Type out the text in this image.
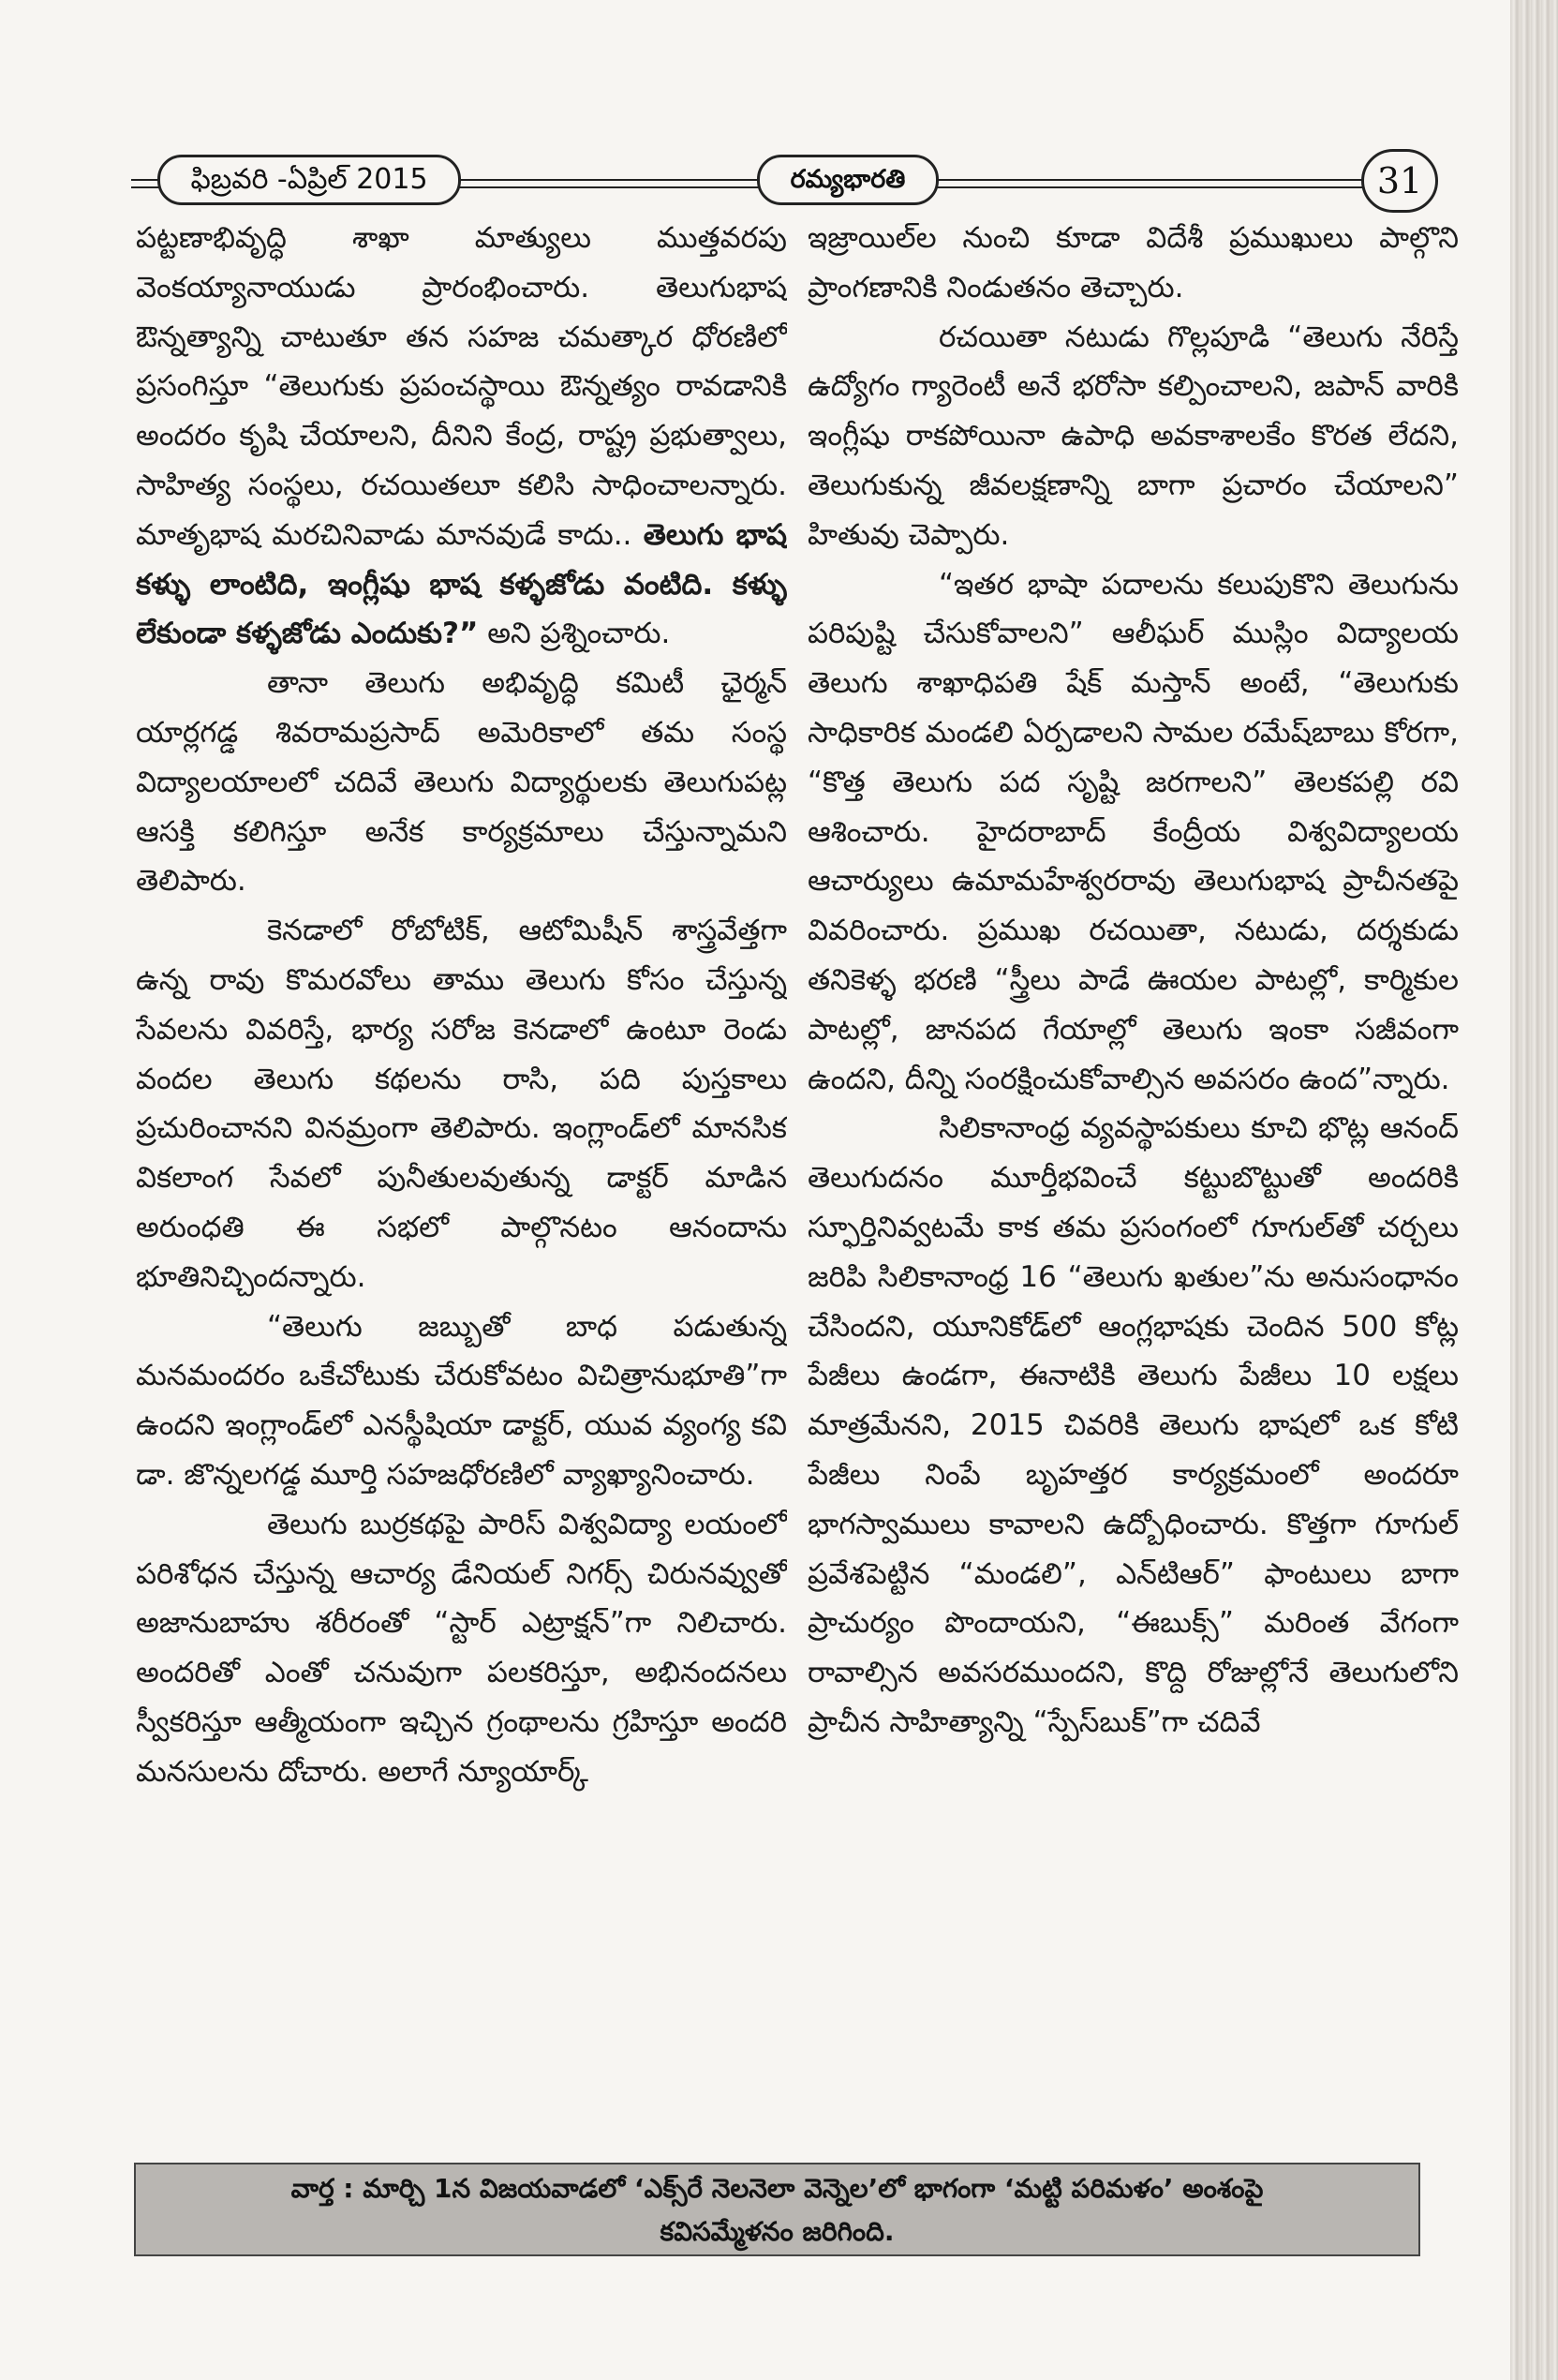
ఫిబ్రవరి -ఏప్రిల్ 2015	రమ్యభారతి	31

పట్టణాభివృద్ధి శాఖా మాత్యులు ముత్తవరపు వెంకయ్యానాయుడు ప్రారంభించారు. తెలుగుభాష ఔన్నత్యాన్ని చాటుతూ తన సహజ చమత్కార ధోరణిలో ప్రసంగిస్తూ “తెలుగుకు ప్రపంచస్థాయి ఔన్నత్యం రావడానికి అందరం కృషి చేయాలని, దీనిని కేంద్ర, రాష్ట్ర ప్రభుత్వాలు, సాహిత్య సంస్థలు, రచయితలూ కలిసి సాధించాలన్నారు. మాతృభాష మరచినివాడు మానవుడే కాదు.. తెలుగు భాష కళ్ళు లాంటిది, ఇంగ్లీషు భాష కళ్ళజోడు వంటిది. కళ్ళు లేకుండా కళ్ళజోడు ఎందుకు?” అని ప్రశ్నించారు.

తానా తెలుగు అభివృద్ధి కమిటీ ఛైర్మన్ యార్లగడ్డ శివరామప్రసాద్ అమెరికాలో తమ సంస్థ విద్యాలయాలలో చదివే తెలుగు విద్యార్థులకు తెలుగుపట్ల ఆసక్తి కలిగిస్తూ అనేక కార్యక్రమాలు చేస్తున్నామని తెలిపారు.

కెనడాలో రోబోటిక్, ఆటోమిషీన్ శాస్త్రవేత్తగా ఉన్న రావు కొమరవోలు తాము తెలుగు కోసం చేస్తున్న సేవలను వివరిస్తే, భార్య సరోజ కెనడాలో ఉంటూ రెండు వందల తెలుగు కథలను రాసి, పది పుస్తకాలు ప్రచురించానని వినమ్రంగా తెలిపారు. ఇంగ్లాండ్‌లో మానసిక వికలాంగ సేవలో పునీతులవుతున్న డాక్టర్ మాడిన అరుంధతి ఈ సభలో పాల్గొనటం ఆనందాను భూతినిచ్చిందన్నారు.

“తెలుగు జబ్బుతో బాధ పడుతున్న మనమందరం ఒకేచోటుకు చేరుకోవటం విచిత్రానుభూతి”గా ఉందని ఇంగ్లాండ్‌లో ఎనస్థీషియా డాక్టర్, యువ వ్యంగ్య కవి డా. జొన్నలగడ్డ మూర్తి సహజధోరణిలో వ్యాఖ్యానించారు.

తెలుగు బుర్రకథపై పారిస్ విశ్వవిద్యా లయంలో పరిశోధన చేస్తున్న ఆచార్య డేనియల్ నిగర్స్ చిరునవ్వుతో అజానుబాహు శరీరంతో “స్టార్ ఎట్రాక్షన్”గా నిలిచారు. అందరితో ఎంతో చనువుగా పలకరిస్తూ, అభినందనలు స్వీకరిస్తూ ఆత్మీయంగా ఇచ్చిన గ్రంథాలను గ్రహిస్తూ అందరి మనసులను దోచారు. అలాగే న్యూయార్క్

ఇజ్రాయిల్‌ల నుంచి కూడా విదేశీ ప్రముఖులు పాల్గొని ప్రాంగణానికి నిండుతనం తెచ్చారు.

రచయితా నటుడు గొల్లపూడి “తెలుగు నేరిస్తే ఉద్యోగం గ్యారెంటీ అనే భరోసా కల్పించాలని, జపాన్ వారికి ఇంగ్లీషు రాకపోయినా ఉపాధి అవకాశాలకేం కొరత లేదని, తెలుగుకున్న జీవలక్షణాన్ని బాగా ప్రచారం చేయాలని” హితువు చెప్పారు.

“ఇతర భాషా పదాలను కలుపుకొని తెలుగును పరిపుష్టి చేసుకోవాలని” ఆలీఘర్ ముస్లిం విద్యాలయ తెలుగు శాఖాధిపతి షేక్ మస్తాన్ అంటే, “తెలుగుకు సాధికారిక మండలి ఏర్పడాలని సామల రమేష్‌బాబు కోరగా, “కొత్త తెలుగు పద సృష్టి జరగాలని” తెలకపల్లి రవి ఆశించారు. హైదరాబాద్ కేంద్రీయ విశ్వవిద్యాలయ ఆచార్యులు ఉమామహేశ్వరరావు తెలుగుభాష ప్రాచీనతపై వివరించారు. ప్రముఖ రచయితా, నటుడు, దర్శకుడు తనికెళ్ళ భరణి “స్త్రీలు పాడే ఊయల పాటల్లో, కార్మికుల పాటల్లో, జానపద గేయాల్లో తెలుగు ఇంకా సజీవంగా ఉందని, దీన్ని సంరక్షించుకోవాల్సిన అవసరం ఉంద”న్నారు.

సిలికానాంధ్ర వ్యవస్థాపకులు కూచి భొట్ల ఆనంద్ తెలుగుదనం మూర్తీభవించే కట్టుబొట్టుతో అందరికి స్ఫూర్తినివ్వటమే కాక తమ ప్రసంగంలో గూగుల్‌తో చర్చలు జరిపి సిలికానాంధ్ర 16 “తెలుగు ఖతుల”ను అనుసంధానం చేసిందని, యూనికోడ్‌లో ఆంగ్లభాషకు చెందిన 500 కోట్ల పేజీలు ఉండగా, ఈనాటికి తెలుగు పేజీలు 10 లక్షలు మాత్రమేనని, 2015 చివరికి తెలుగు భాషలో ఒక కోటి పేజీలు నింపే బృహత్తర కార్యక్రమంలో అందరూ భాగస్వాములు కావాలని ఉద్బోధించారు. కొత్తగా గూగుల్ ప్రవేశపెట్టిన “మండలి”, ఎన్‌టిఆర్” ఫాంటులు బాగా ప్రాచుర్యం పొందాయని, “ఈబుక్స్” మరింత వేగంగా రావాల్సిన అవసరముందని, కొద్ది రోజుల్లోనే తెలుగులోని ప్రాచీన సాహిత్యాన్ని “స్పేస్‌బుక్”గా చదివే

వార్త : మార్చి 1న విజయవాడలో ‘ఎక్స్‌రే నెలనెలా వెన్నెల’లో భాగంగా ‘మట్టి పరిమళం’ అంశంపై
కవిసమ్మేళనం జరిగింది.
